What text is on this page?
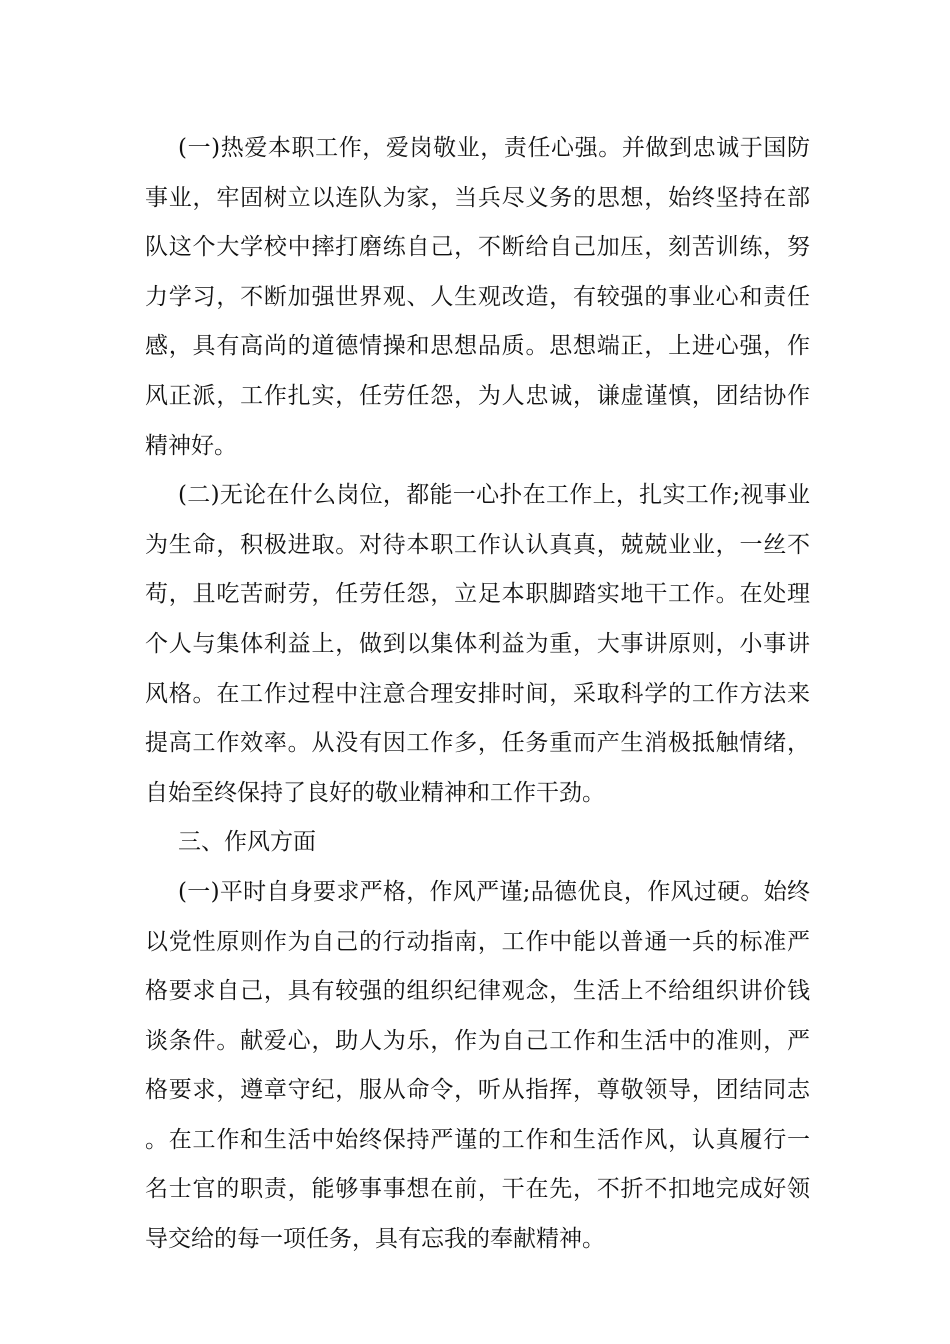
(一)热爱本职工作，爱岗敬业，责任心强。并做到忠诚于国防事业，牢固树立以连队为家，当兵尽义务的思想，始终坚持在部队这个大学校中摔打磨练自己，不断给自己加压，刻苦训练，努力学习，不断加强世界观、人生观改造，有较强的事业心和责任感，具有高尚的道德情操和思想品质。思想端正，上进心强，作风正派，工作扎实，任劳任怨，为人忠诚，谦虚谨慎，团结协作精神好。

(二)无论在什么岗位，都能一心扑在工作上，扎实工作;视事业为生命，积极进取。对待本职工作认认真真，兢兢业业，一丝不苟，且吃苦耐劳，任劳任怨，立足本职脚踏实地干工作。在处理个人与集体利益上，做到以集体利益为重，大事讲原则，小事讲风格。在工作过程中注意合理安排时间，采取科学的工作方法来提高工作效率。从没有因工作多，任务重而产生消极抵触情绪，自始至终保持了良好的敬业精神和工作干劲。

三、作风方面

(一)平时自身要求严格，作风严谨;品德优良，作风过硬。始终以党性原则作为自己的行动指南，工作中能以普通一兵的标准严格要求自己，具有较强的组织纪律观念，生活上不给组织讲价钱谈条件。献爱心，助人为乐，作为自己工作和生活中的准则，严格要求，遵章守纪，服从命令，听从指挥，尊敬领导，团结同志。在工作和生活中始终保持严谨的工作和生活作风，认真履行一名士官的职责，能够事事想在前，干在先，不折不扣地完成好领导交给的每一项任务，具有忘我的奉献精神。
